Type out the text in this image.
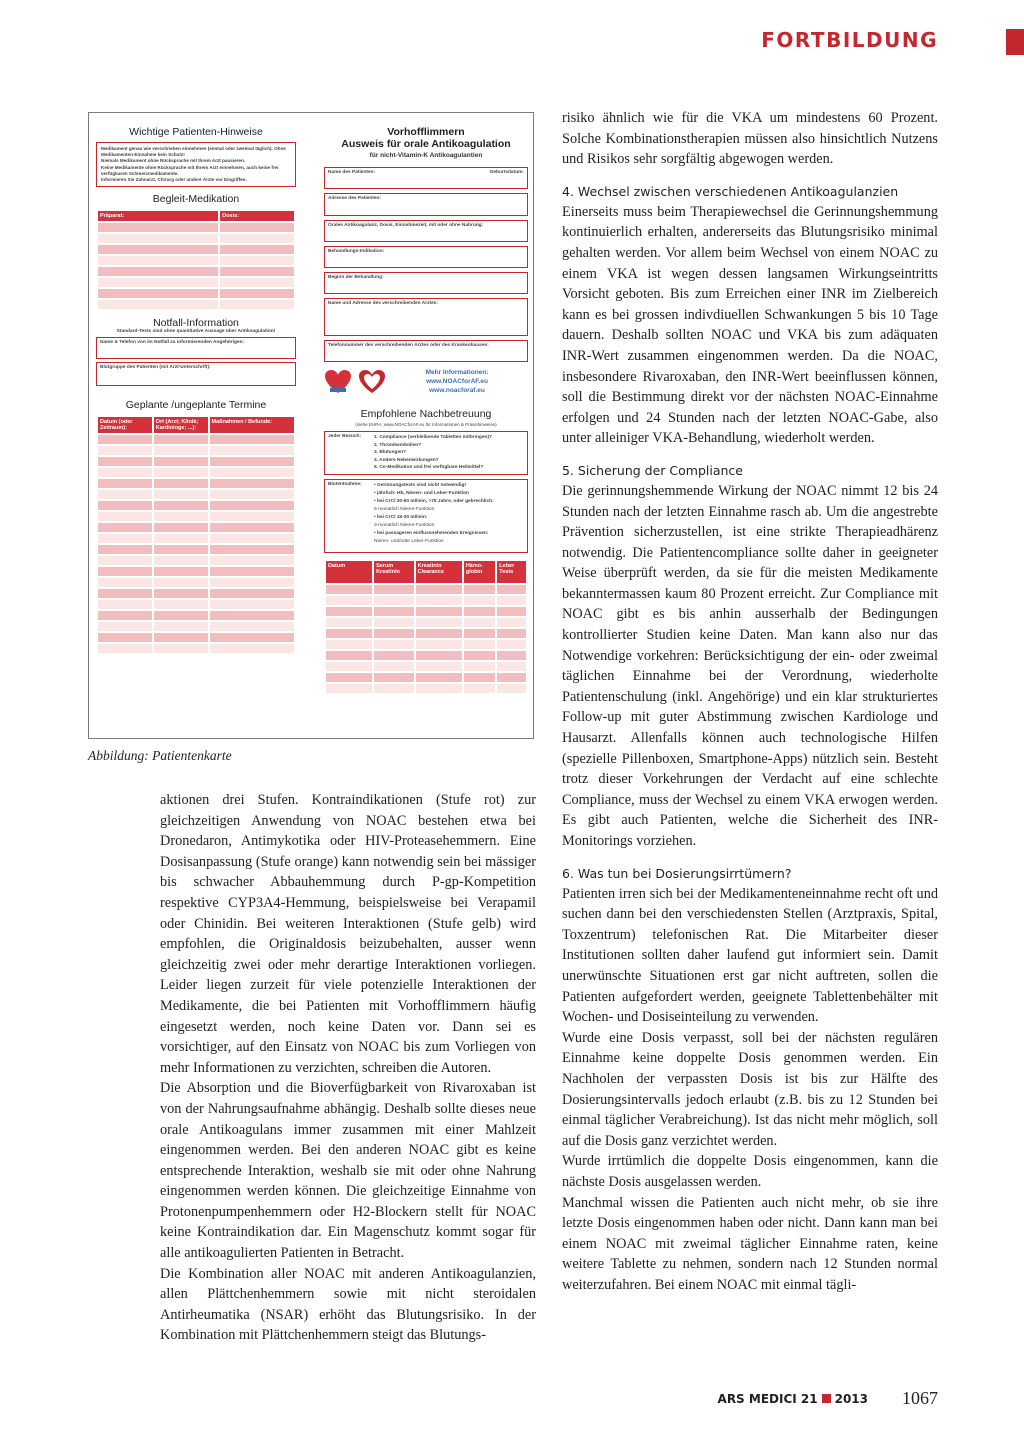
FORTBILDUNG
Wichtige Patienten-Hinweise
Medikament genau wie verschrieben einnehmen (einmal oder zweimal täglich). Ohne Medikamenten-Einnahme kein Schutz!
Niemals Medikament ohne Rücksprache mit Ihrem Arzt pausieren.
Keine Medikamente ohne Rücksprache mit Ihrem Arzt einnehmen, auch keine frei verfügbaren Schmerzmedikamente.
Informieren Sie Zahnarzt, Chirurg oder andere Ärzte vor Eingriffen.
Begleit-Medikation
Präparat:	Dosis:

Notfall-Information
Standard-Tests sind ohne quantitative Aussage über Antikoagulation!
Name & Telefon von im Notfall zu informierenden Angehörigen:
Blutgruppe des Patienten (mit Arzt-Unterschrift):
Geplante /ungeplante Termine
Datum (oder Zeitraum):	Ort (Arzt; Klinik; Kardiologe; ...):	Maßnahmen / Befunde:

Vorhofflimmern
Ausweis für orale Antikoagulation
für nicht-Vitamin-K Antikoagulantien
Name des Patienten:	Geburtsdatum:
Adresse des Patienten:
Orales Antikoagulanz, Dosis, Einnahmezeit, mit oder ohne Nahrung:
Behandlungs-Indikation:
Beginn der Behandlung:
Name und Adresse des verschreibenden Arztes:
Telefonnummer des verschreibenden Arztes oder des Krankenhauses:
Mehr Informationen:
www.NOACforAF.eu
www.noacforaf.eu
Empfohlene Nachbetreuung
(siehe EHRA: www.NOACforAF.eu für Informationen & Praxishinweise)
Jeder Besuch:	1. Compliance (verbleibende Tabletten mitbringen)?
2. Thrombembolien?
3. Blutungen?
4. Andere Nebenwirkungen?
5. Co-Medikation und frei verfügbare Heilmittel?
Blutentnahme:	• Gerinnungstests sind nicht notwendig!
• jährlich: Hb, Nieren- und Leber-Funktion
• bei CrCl 30-60 ml/min, >75 Jahre, oder gebrechlich:
6-monatlich Nieren-Funktion
• bei CrCl 15-30 ml/min:
3-monatlich Nieren-Funktion
• bei passageren einflussnehmenden Ereignissen:
Nieren- und/oder Leber-Funktion
Datum	Serum Kreatinin	Kreatinin Clearance	Hämo-globin	Leber Tests

Abbildung: Patientenkarte

aktionen drei Stufen. Kontraindikationen (Stufe rot) zur gleichzeitigen Anwendung von NOAC bestehen etwa bei Dronedaron, Antimykotika oder HIV-Proteasehemmern. Eine Dosisanpassung (Stufe orange) kann notwendig sein bei mässiger bis schwacher Abbauhemmung durch P-gp-Kompetition respektive CYP3A4-Hemmung, beispielsweise bei Verapamil oder Chinidin. Bei weiteren Interaktionen (Stufe gelb) wird empfohlen, die Originaldosis beizubehalten, ausser wenn gleichzeitig zwei oder mehr derartige Interaktionen vorliegen. Leider liegen zurzeit für viele potenzielle Interaktionen der Medikamente, die bei Patienten mit Vorhofflimmern häufig eingesetzt werden, noch keine Daten vor. Dann sei es vorsichtiger, auf den Einsatz von NOAC bis zum Vorliegen von mehr Informationen zu verzichten, schreiben die Autoren.

Die Absorption und die Bioverfügbarkeit von Rivaroxaban ist von der Nahrungsaufnahme abhängig. Deshalb sollte dieses neue orale Antikoagulans immer zusammen mit einer Mahlzeit eingenommen werden. Bei den anderen NOAC gibt es keine entsprechende Interaktion, weshalb sie mit oder ohne Nahrung eingenommen werden können. Die gleichzeitige Einnahme von Protonenpumpenhemmern oder H2-Blockern stellt für NOAC keine Kontraindikation dar. Ein Magenschutz kommt sogar für alle antikoagulierten Patienten in Betracht.

Die Kombination aller NOAC mit anderen Antikoagulanzien, allen Plättchenhemmern sowie mit nicht steroidalen Antirheumatika (NSAR) erhöht das Blutungsrisiko. In der Kombination mit Plättchenhemmern steigt das Blutungs-

risiko ähnlich wie für die VKA um mindestens 60 Prozent. Solche Kombinationstherapien müssen also hinsichtlich Nutzens und Risikos sehr sorgfältig abgewogen werden.

4. Wechsel zwischen verschiedenen Antikoagulanzien

Einerseits muss beim Therapiewechsel die Gerinnungshemmung kontinuierlich erhalten, andererseits das Blutungsrisiko minimal gehalten werden. Vor allem beim Wechsel von einem NOAC zu einem VKA ist wegen dessen langsamen Wirkungseintritts Vorsicht geboten. Bis zum Erreichen einer INR im Zielbereich kann es bei grossen indivdiuellen Schwankungen 5 bis 10 Tage dauern. Deshalb sollten NOAC und VKA bis zum adäquaten INR-Wert zusammen eingenommen werden. Da die NOAC, insbesondere Rivaroxaban, den INR-Wert beeinflussen können, soll die Bestimmung direkt vor der nächsten NOAC-Einnahme erfolgen und 24 Stunden nach der letzten NOAC-Gabe, also unter alleiniger VKA-Behandlung, wiederholt werden.

5. Sicherung der Compliance

Die gerinnungshemmende Wirkung der NOAC nimmt 12 bis 24 Stunden nach der letzten Einnahme rasch ab. Um die angestrebte Prävention sicherzustellen, ist eine strikte Therapieadhärenz notwendig. Die Patientencompliance sollte daher in geeigneter Weise überprüft werden, da sie für die meisten Medikamente bekanntermassen kaum 80 Prozent erreicht. Zur Compliance mit NOAC gibt es bis anhin ausserhalb der Bedingungen kontrollierter Studien keine Daten. Man kann also nur das Notwendige vorkehren: Berücksichtigung der ein- oder zweimal täglichen Einnahme bei der Verordnung, wiederholte Patientenschulung (inkl. Angehörige) und ein klar strukturiertes Follow-up mit guter Abstimmung zwischen Kardiologe und Hausarzt. Allenfalls können auch technologische Hilfen (spezielle Pillenboxen, Smartphone-Apps) nützlich sein. Besteht trotz dieser Vorkehrungen der Verdacht auf eine schlechte Compliance, muss der Wechsel zu einem VKA erwogen werden. Es gibt auch Patienten, welche die Sicherheit des INR-Monitorings vorziehen.

6. Was tun bei Dosierungsirrtümern?

Patienten irren sich bei der Medikamenteneinnahme recht oft und suchen dann bei den verschiedensten Stellen (Arztpraxis, Spital, Toxzentrum) telefonischen Rat. Die Mitarbeiter dieser Institutionen sollten daher laufend gut informiert sein. Damit unerwünschte Situationen erst gar nicht auftreten, sollen die Patienten aufgefordert werden, geeignete Tablettenbehälter mit Wochen- und Dosiseinteilung zu verwenden.

Wurde eine Dosis verpasst, soll bei der nächsten regulären Einnahme keine doppelte Dosis genommen werden. Ein Nachholen der verpassten Dosis ist bis zur Hälfte des Dosierungsintervalls jedoch erlaubt (z.B. bis zu 12 Stunden bei einmal täglicher Verabreichung). Ist das nicht mehr möglich, soll auf die Dosis ganz verzichtet werden.

Wurde irrtümlich die doppelte Dosis eingenommen, kann die nächste Dosis ausgelassen werden.

Manchmal wissen die Patienten auch nicht mehr, ob sie ihre letzte Dosis eingenommen haben oder nicht. Dann kann man bei einem NOAC mit zweimal täglicher Einnahme raten, keine weitere Tablette zu nehmen, sondern nach 12 Stunden normal weiterzufahren. Bei einem NOAC mit einmal tägli-

ARS MEDICI 21 2013 1067
